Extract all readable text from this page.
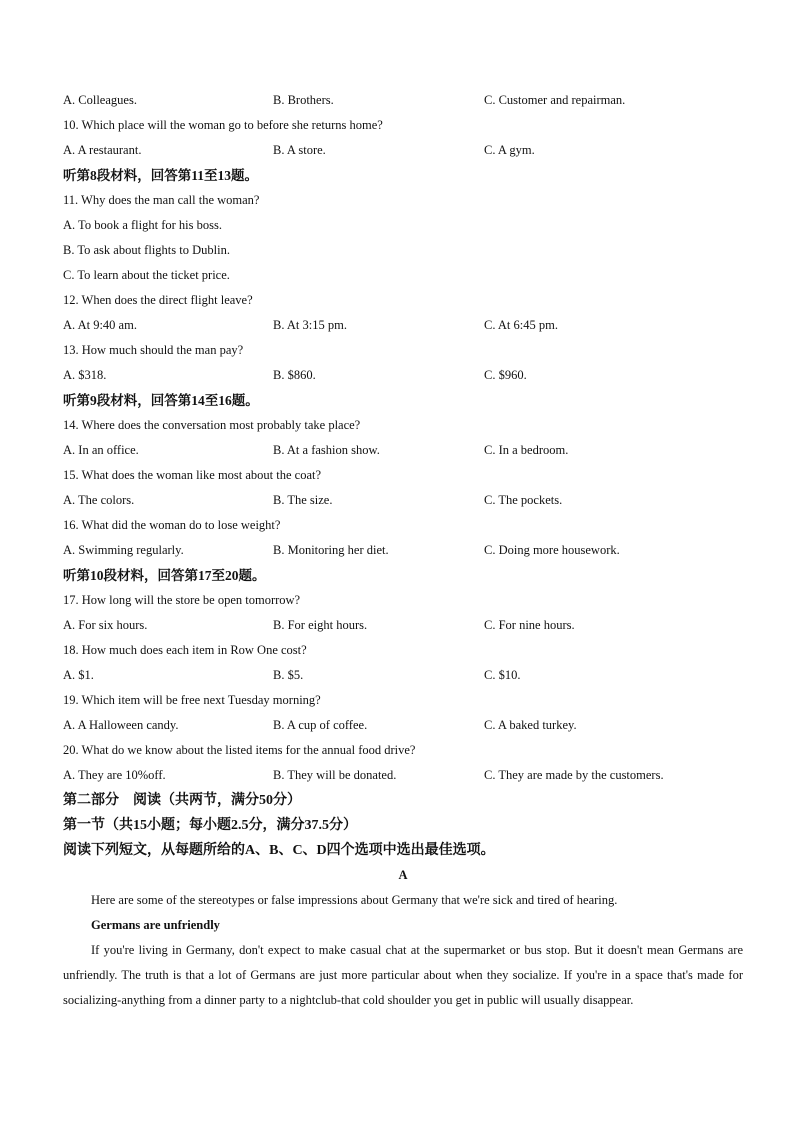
A. Colleagues.	B. Brothers.	C. Customer and repairman.
10. Which place will the woman go to before she returns home?
A. A restaurant.	B. A store.	C. A gym.
听第8段材料，回答第11至13题。
11. Why does the man call the woman?
A. To book a flight for his boss.
B. To ask about flights to Dublin.
C. To learn about the ticket price.
12. When does the direct flight leave?
A. At 9:40 am.	B. At 3:15 pm.	C. At 6:45 pm.
13. How much should the man pay?
A. $318.	B. $860.	C. $960.
听第9段材料，回答第14至16题。
14. Where does the conversation most probably take place?
A. In an office.	B. At a fashion show.	C. In a bedroom.
15. What does the woman like most about the coat?
A. The colors.	B. The size.	C. The pockets.
16. What did the woman do to lose weight?
A. Swimming regularly.	B. Monitoring her diet.	C. Doing more housework.
听第10段材料，回答第17至20题。
17. How long will the store be open tomorrow?
A. For six hours.	B. For eight hours.	C. For nine hours.
18. How much does each item in Row One cost?
A. $1.	B. $5.	C. $10.
19. Which item will be free next Tuesday morning?
A. A Halloween candy.	B. A cup of coffee.	C. A baked turkey.
20. What do we know about the listed items for the annual food drive?
A. They are 10%off.	B. They will be donated.	C. They are made by the customers.
第二部分　阅读（共两节，满分50分）
第一节（共15小题；每小题2.5分，满分37.5分）
阅读下列短文，从每题所给的A、B、C、D四个选项中选出最佳选项。
A
Here are some of the stereotypes or false impressions about Germany that we're sick and tired of hearing.
Germans are unfriendly
If you're living in Germany, don't expect to make casual chat at the supermarket or bus stop. But it doesn't mean Germans are unfriendly. The truth is that a lot of Germans are just more particular about when they socialize. If you're in a space that's made for socializing-anything from a dinner party to a nightclub-that cold shoulder you get in public will usually disappear.
